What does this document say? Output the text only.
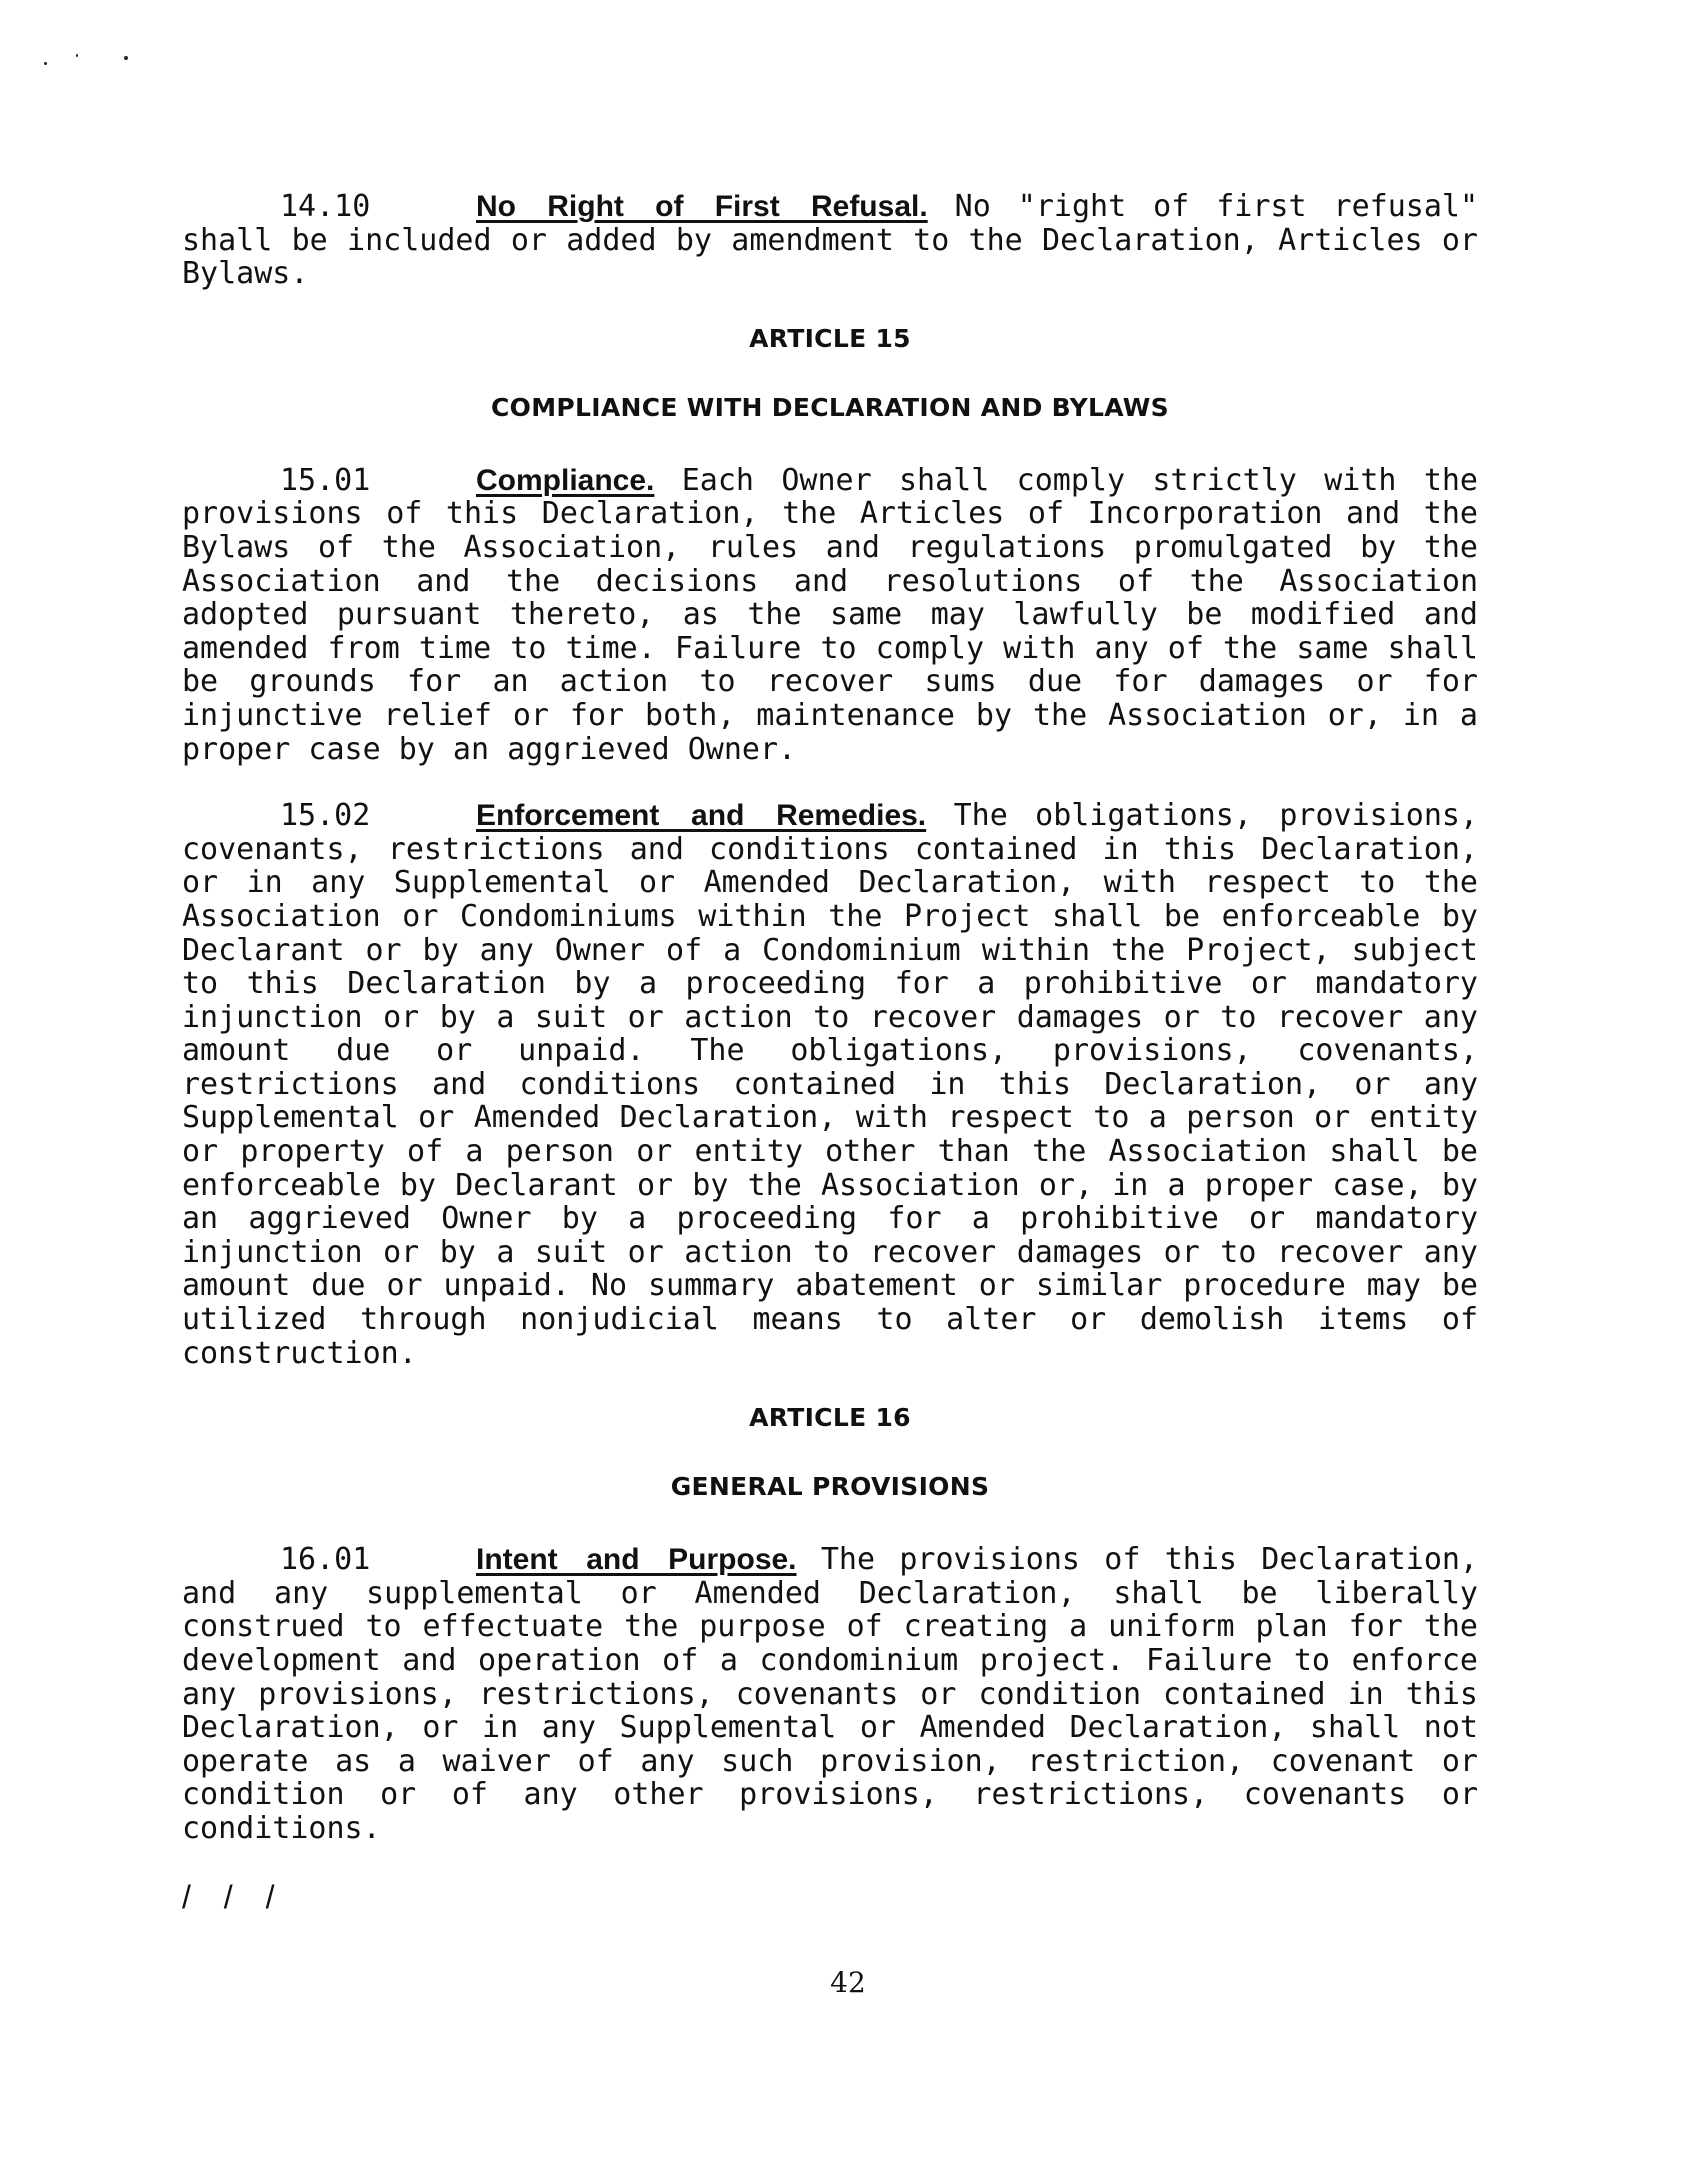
14.10	No Right of First Refusal. No "right of first refusal" shall be included or added by amendment to the Declaration, Articles or Bylaws.

ARTICLE 15
COMPLIANCE WITH DECLARATION AND BYLAWS

15.01	Compliance. Each Owner shall comply strictly with the provisions of this Declaration, the Articles of Incorporation and the Bylaws of the Association, rules and regulations promulgated by the Association and the decisions and resolutions of the Association adopted pursuant thereto, as the same may lawfully be modified and amended from time to time. Failure to comply with any of the same shall be grounds for an action to recover sums due for damages or for injunctive relief or for both, maintenance by the Association or, in a proper case by an aggrieved Owner.

15.02	Enforcement and Remedies. The obligations, provisions, covenants, restrictions and conditions contained in this Declaration, or in any Supplemental or Amended Declaration, with respect to the Association or Condominiums within the Project shall be enforceable by Declarant or by any Owner of a Condominium within the Project, subject to this Declaration by a proceeding for a prohibitive or mandatory injunction or by a suit or action to recover damages or to recover any amount due or unpaid. The obligations, provisions, covenants, restrictions and conditions contained in this Declaration, or any Supplemental or Amended Declaration, with respect to a person or entity or property of a person or entity other than the Association shall be enforceable by Declarant or by the Association or, in a proper case, by an aggrieved Owner by a proceeding for a prohibitive or mandatory injunction or by a suit or action to recover damages or to recover any amount due or unpaid. No summary abatement or similar procedure may be utilized through nonjudicial means to alter or demolish items of construction.

ARTICLE 16
GENERAL PROVISIONS

16.01	Intent and Purpose. The provisions of this Declaration, and any supplemental or Amended Declaration, shall be liberally construed to effectuate the purpose of creating a uniform plan for the development and operation of a condominium project. Failure to enforce any provisions, restrictions, covenants or condition contained in this Declaration, or in any Supplemental or Amended Declaration, shall not operate as a waiver of any such provision, restriction, covenant or condition or of any other provisions, restrictions, covenants or conditions.

/ / /
42
